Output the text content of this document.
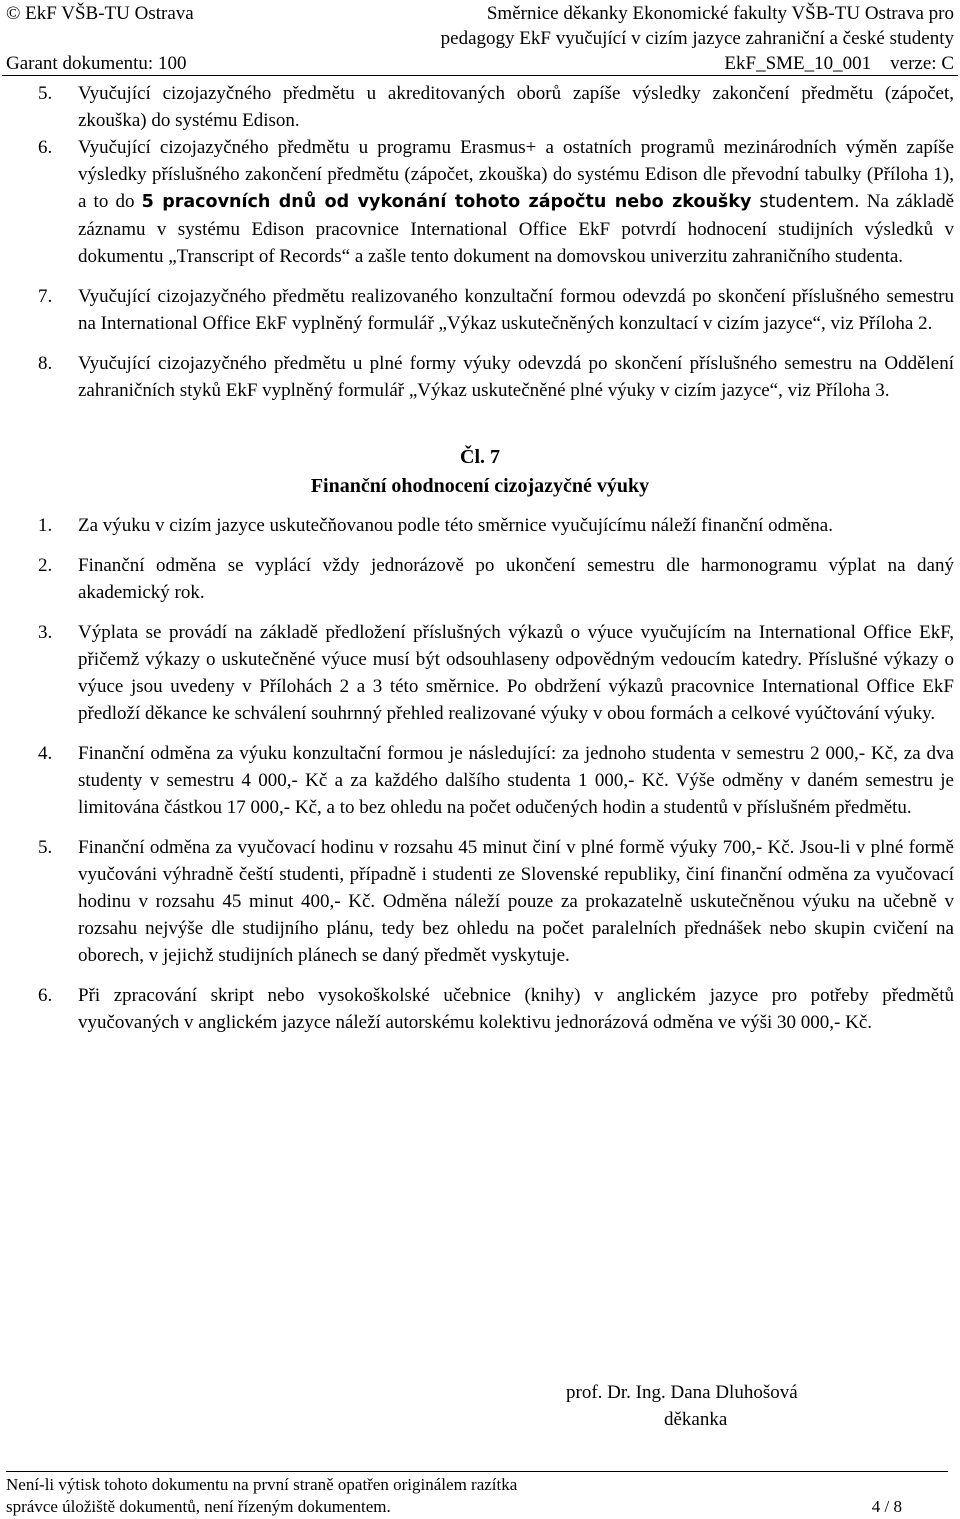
© EkF VŠB-TU Ostrava	Směrnice děkanky Ekonomické fakulty VŠB-TU Ostrava pro
pedagogy EkF vyučující v cizím jazyce zahraniční a české studenty
Garant dokumentu: 100	EkF_SME_10_001    verze: C
5. Vyučující cizojazyčného předmětu u akreditovaných oborů zapíše výsledky zakončení předmětu (zápočet, zkouška) do systému Edison.
6. Vyučující cizojazyčného předmětu u programu Erasmus+ a ostatních programů mezinárodních výměn zapíše výsledky příslušného zakončení předmětu (zápočet, zkouška) do systému Edison dle převodní tabulky (Příloha 1), a to do 5 pracovních dnů od vykonání tohoto zápočtu nebo zkoušky studentem. Na základě záznamu v systému Edison pracovnice International Office EkF potvrdí hodnocení studijních výsledků v dokumentu „Transcript of Records“ a zašle tento dokument na domovskou univerzitu zahraničního studenta.
7. Vyučující cizojazyčného předmětu realizovaného konzultační formou odevzdá po skončení příslušného semestru na International Office EkF vyplněný formulář „Výkaz uskutečněných konzultací v cizím jazyce“, viz Příloha 2.
8. Vyučující cizojazyčného předmětu u plné formy výuky odevzdá po skončení příslušného semestru na Oddělení zahraničních styků EkF vyplněný formulář „Výkaz uskutečněné plné výuky v cizím jazyce“, viz Příloha 3.
Čl. 7
Finanční ohodnocení cizojazyčné výuky
1. Za výuku v cizím jazyce uskutečňovanou podle této směrnice vyučujícímu náleží finanční odměna.
2. Finanční odměna se vyplácí vždy jednorázově po ukončení semestru dle harmonogramu výplat na daný akademický rok.
3. Výplata se provádí na základě předložení příslušných výkazů o výuce vyučujícím na International Office EkF, přičemž výkazy o uskutečněné výuce musí být odsouhlaseny odpovědným vedoucím katedry. Příslušné výkazy o výuce jsou uvedeny v Přílohách 2 a 3 této směrnice. Po obdržení výkazů pracovnice International Office EkF předloží děkance ke schválení souhrnný přehled realizované výuky v obou formách a celkové vyúčtování výuky.
4. Finanční odměna za výuku konzultační formou je následující: za jednoho studenta v semestru 2 000,- Kč, za dva studenty v semestru 4 000,- Kč a za každého dalšího studenta 1 000,- Kč. Výše odměny v daném semestru je limitována částkou 17 000,- Kč, a to bez ohledu na počet odučených hodin a studentů v příslušném předmětu.
5. Finanční odměna za vyučovací hodinu v rozsahu 45 minut činí v plné formě výuky 700,- Kč. Jsou-li v plné formě vyučováni výhradně čeští studenti, případně i studenti ze Slovenské republiky, činí finanční odměna za vyučovací hodinu v rozsahu 45 minut 400,- Kč. Odměna náleží pouze za prokazatelně uskutečněnou výuku na učebně v rozsahu nejvýše dle studijního plánu, tedy bez ohledu na počet paralelních přednášek nebo skupin cvičení na oborech, v jejichž studijních plánech se daný předmět vyskytuje.
6. Při zpracování skript nebo vysokoškolské učebnice (knihy) v anglickém jazyce pro potřeby předmětů vyučovaných v anglickém jazyce náleží autorskému kolektivu jednorázová odměna ve výši 30 000,- Kč.
prof. Dr. Ing. Dana Dluhošová
děkanka
Není-li výtisk tohoto dokumentu na první straně opatřen originálem razítka
správce úložiště dokumentů, není řízeným dokumentem.	4 / 8
